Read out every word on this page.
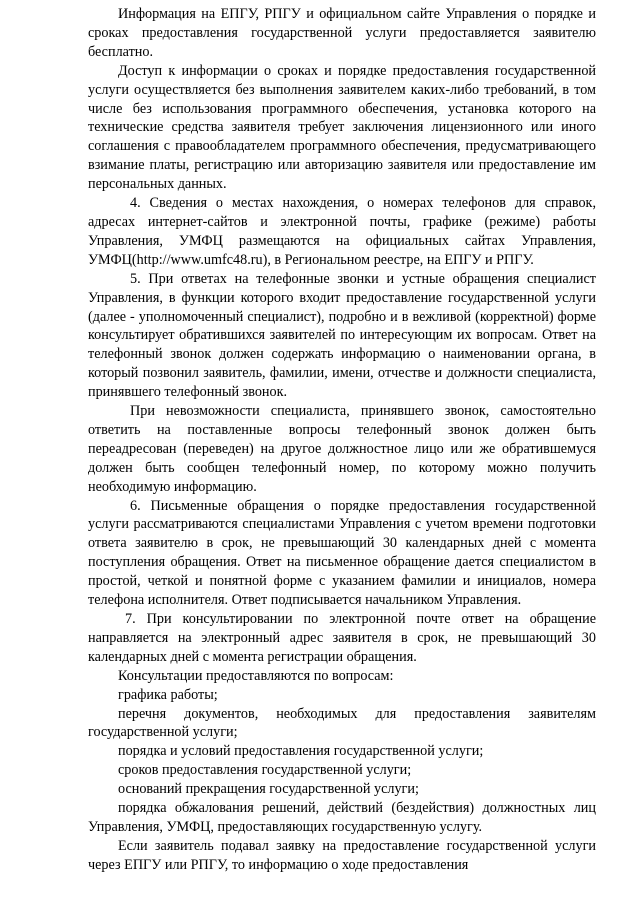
Информация на ЕПГУ, РПГУ и официальном сайте Управления о порядке и сроках предоставления государственной услуги предоставляется заявителю бесплатно.

Доступ к информации о сроках и порядке предоставления государственной услуги осуществляется без выполнения заявителем каких-либо требований, в том числе без использования программного обеспечения, установка которого на технические средства заявителя требует заключения лицензионного или иного соглашения с правообладателем программного обеспечения, предусматривающего взимание платы, регистрацию или авторизацию заявителя или предоставление им персональных данных.

4. Сведения о местах нахождения, о номерах телефонов для справок, адресах интернет-сайтов и электронной почты, графике (режиме) работы Управления, УМФЦ размещаются на официальных сайтах Управления, УМФЦ(http://www.umfc48.ru), в Региональном реестре, на ЕПГУ и РПГУ.

5. При ответах на телефонные звонки и устные обращения специалист Управления, в функции которого входит предоставление государственной услуги (далее - уполномоченный специалист), подробно и в вежливой (корректной) форме консультирует обратившихся заявителей по интересующим их вопросам. Ответ на телефонный звонок должен содержать информацию о наименовании органа, в который позвонил заявитель, фамилии, имени, отчестве и должности специалиста, принявшего телефонный звонок.

При невозможности специалиста, принявшего звонок, самостоятельно ответить на поставленные вопросы телефонный звонок должен быть переадресован (переведен) на другое должностное лицо или же обратившемуся должен быть сообщен телефонный номер, по которому можно получить необходимую информацию.

6. Письменные обращения о порядке предоставления государственной услуги рассматриваются специалистами Управления с учетом времени подготовки ответа заявителю в срок, не превышающий 30 календарных дней с момента поступления обращения. Ответ на письменное обращение дается специалистом в простой, четкой и понятной форме с указанием фамилии и инициалов, номера телефона исполнителя. Ответ подписывается начальником Управления.

7. При консультировании по электронной почте ответ на обращение направляется на электронный адрес заявителя в срок, не превышающий 30 календарных дней с момента регистрации обращения.

Консультации предоставляются по вопросам:

графика работы;

перечня документов, необходимых для предоставления заявителям государственной услуги;

порядка и условий предоставления государственной услуги;

сроков предоставления государственной услуги;

оснований прекращения государственной услуги;

порядка обжалования решений, действий (бездействия) должностных лиц Управления, УМФЦ, предоставляющих государственную услугу.

Если заявитель подавал заявку на предоставление государственной услуги через ЕПГУ или РПГУ, то информацию о ходе предоставления
